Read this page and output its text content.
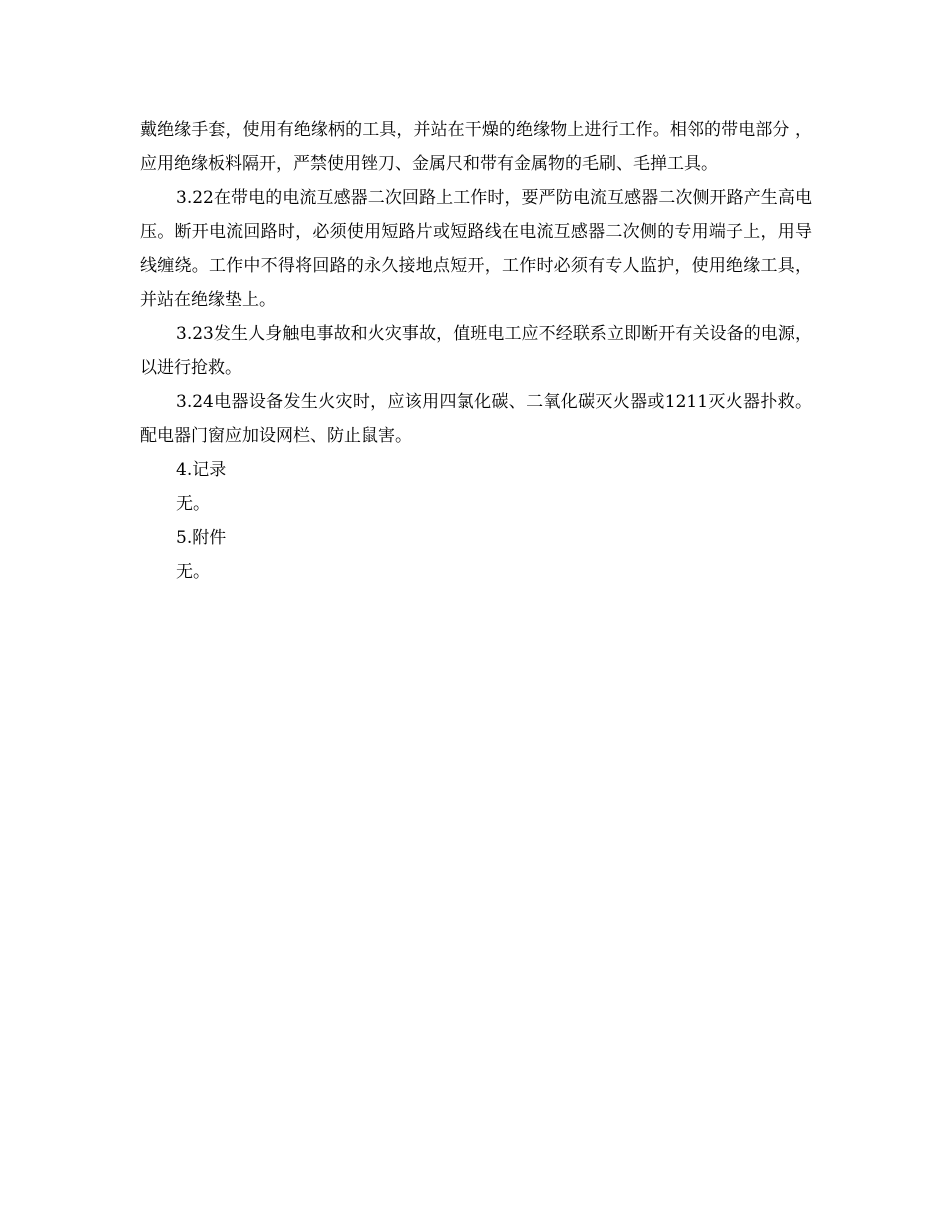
戴绝缘手套，使用有绝缘柄的工具，并站在干燥的绝缘物上进行工作。相邻的带电部分 ，应用绝缘板料隔开，严禁使用锉刀、金属尺和带有金属物的毛刷、毛掸工具。

3.22在带电的电流互感器二次回路上工作时，要严防电流互感器二次侧开路产生高电压。断开电流回路时，必须使用短路片或短路线在电流互感器二次侧的专用端子上，用导线缠绕。工作中不得将回路的永久接地点短开，工作时必须有专人监护，使用绝缘工具，并站在绝缘垫上。

3.23发生人身触电事故和火灾事故，值班电工应不经联系立即断开有关设备的电源，以进行抢救。

3.24电器设备发生火灾时，应该用四氯化碳、二氧化碳灭火器或1211灭火器扑救。配电器门窗应加设网栏、防止鼠害。

4.记录

无。

5.附件

无。
